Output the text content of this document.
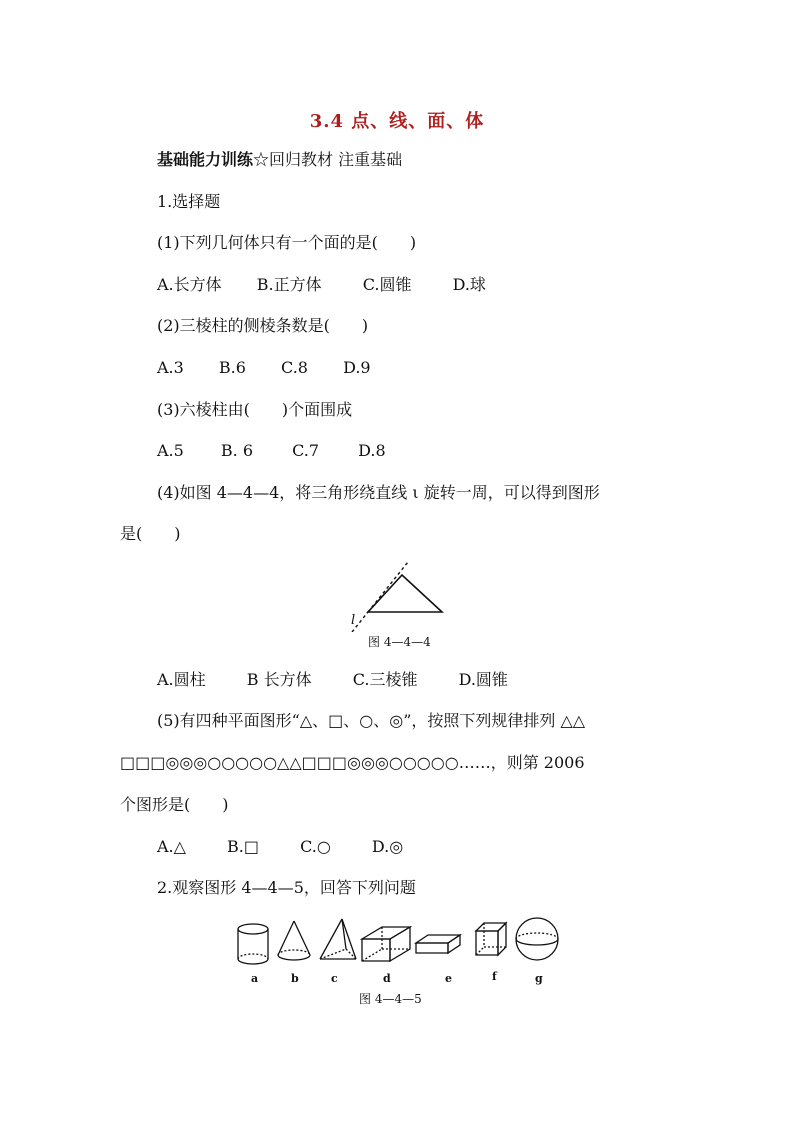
3.4 点、线、面、体
基础能力训练☆回归教材 注重基础
1.选择题
(1)下列几何体只有一个面的是(　　)
A.长方体 B.正方体	C.圆锥	D.球
(2)三棱柱的侧棱条数是(　　)
A.3 B.6 C.8 D.9
(3)六棱柱由(　　)个面围成
A.5 B. 6 C.7 D.8
(4)如图 4—4—4，将三角形绕直线 ι 旋转一周，可以得到图形
是(　　)
l
图 4—4—4
A.圆柱	B 长方体	C.三棱锥	D.圆锥
(5)有四种平面图形“△、□、○、◎”，按照下列规律排列 △△
□□□◎◎◎○○○○○△△□□□◎◎◎○○○○○……，则第 2006
个图形是(　　)
A.△	B.□	C.○	D.◎
2.观察图形 4—4—5，回答下列问题
a	b	c	d	e	f	g
图 4—4—5
